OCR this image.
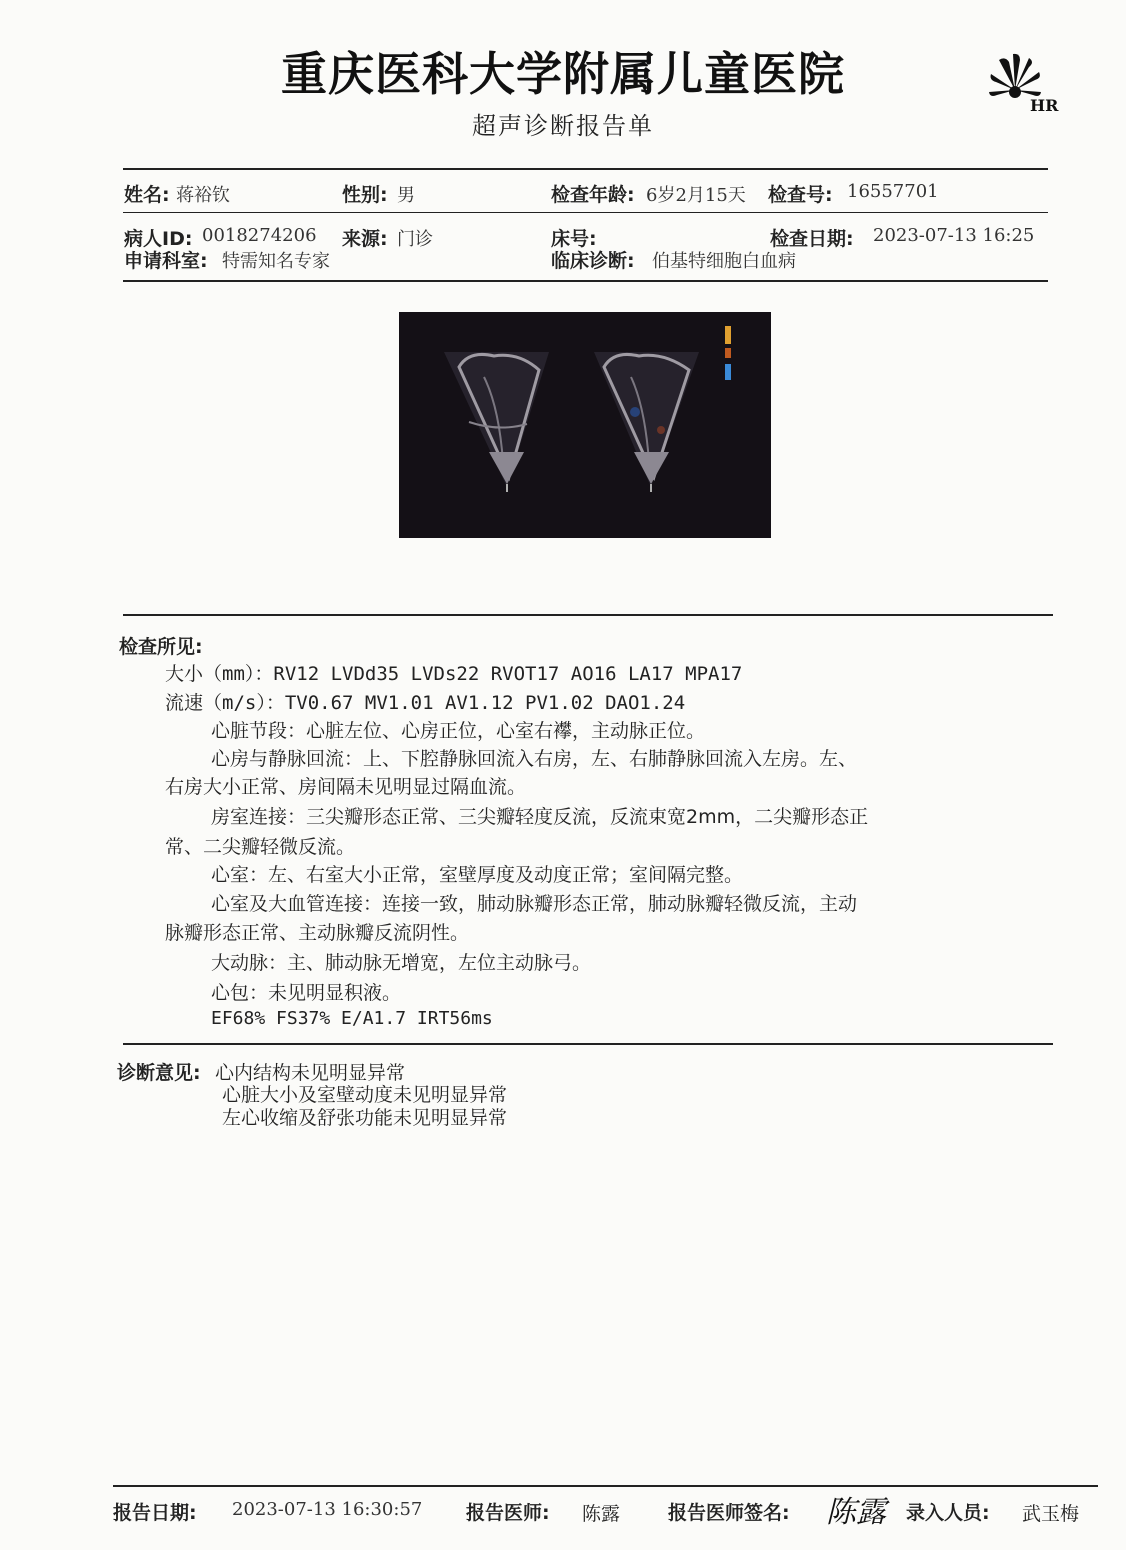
重庆医科大学附属儿童医院
超声诊断报告单
HR
姓名: 蒋裕钦	性别: 男	检查年龄: 6岁2月15天 检查号: 16557701
病人ID: 0018274206 来源: 门诊	床号:	检查日期: 2023-07-13 16:25
申请科室: 特需知名专家	临床诊断: 伯基特细胞白血病
检查所见:
大小（mm）：RV12 LVDd35 LVDs22 RVOT17 AO16 LA17 MPA17
流速（m/s）：TV0.67 MV1.01 AV1.12 PV1.02 DAO1.24
心脏节段：心脏左位、心房正位，心室右襻，主动脉正位。
心房与静脉回流：上、下腔静脉回流入右房，左、右肺静脉回流入左房。左、
右房大小正常、房间隔未见明显过隔血流。
房室连接：三尖瓣形态正常、三尖瓣轻度反流，反流束宽2mm，二尖瓣形态正
常、二尖瓣轻微反流。
心室：左、右室大小正常，室壁厚度及动度正常；室间隔完整。
心室及大血管连接：连接一致，肺动脉瓣形态正常，肺动脉瓣轻微反流，主动
脉瓣形态正常、主动脉瓣反流阴性。
大动脉：主、肺动脉无增宽，左位主动脉弓。
心包：未见明显积液。
EF68% FS37% E/A1.7 IRT56ms
诊断意见: 心内结构未见明显异常
心脏大小及室壁动度未见明显异常
左心收缩及舒张功能未见明显异常
报告日期: 2023-07-13 16:30:57 报告医师: 陈露	报告医师签名: 陈露 录入人员: 武玉梅
